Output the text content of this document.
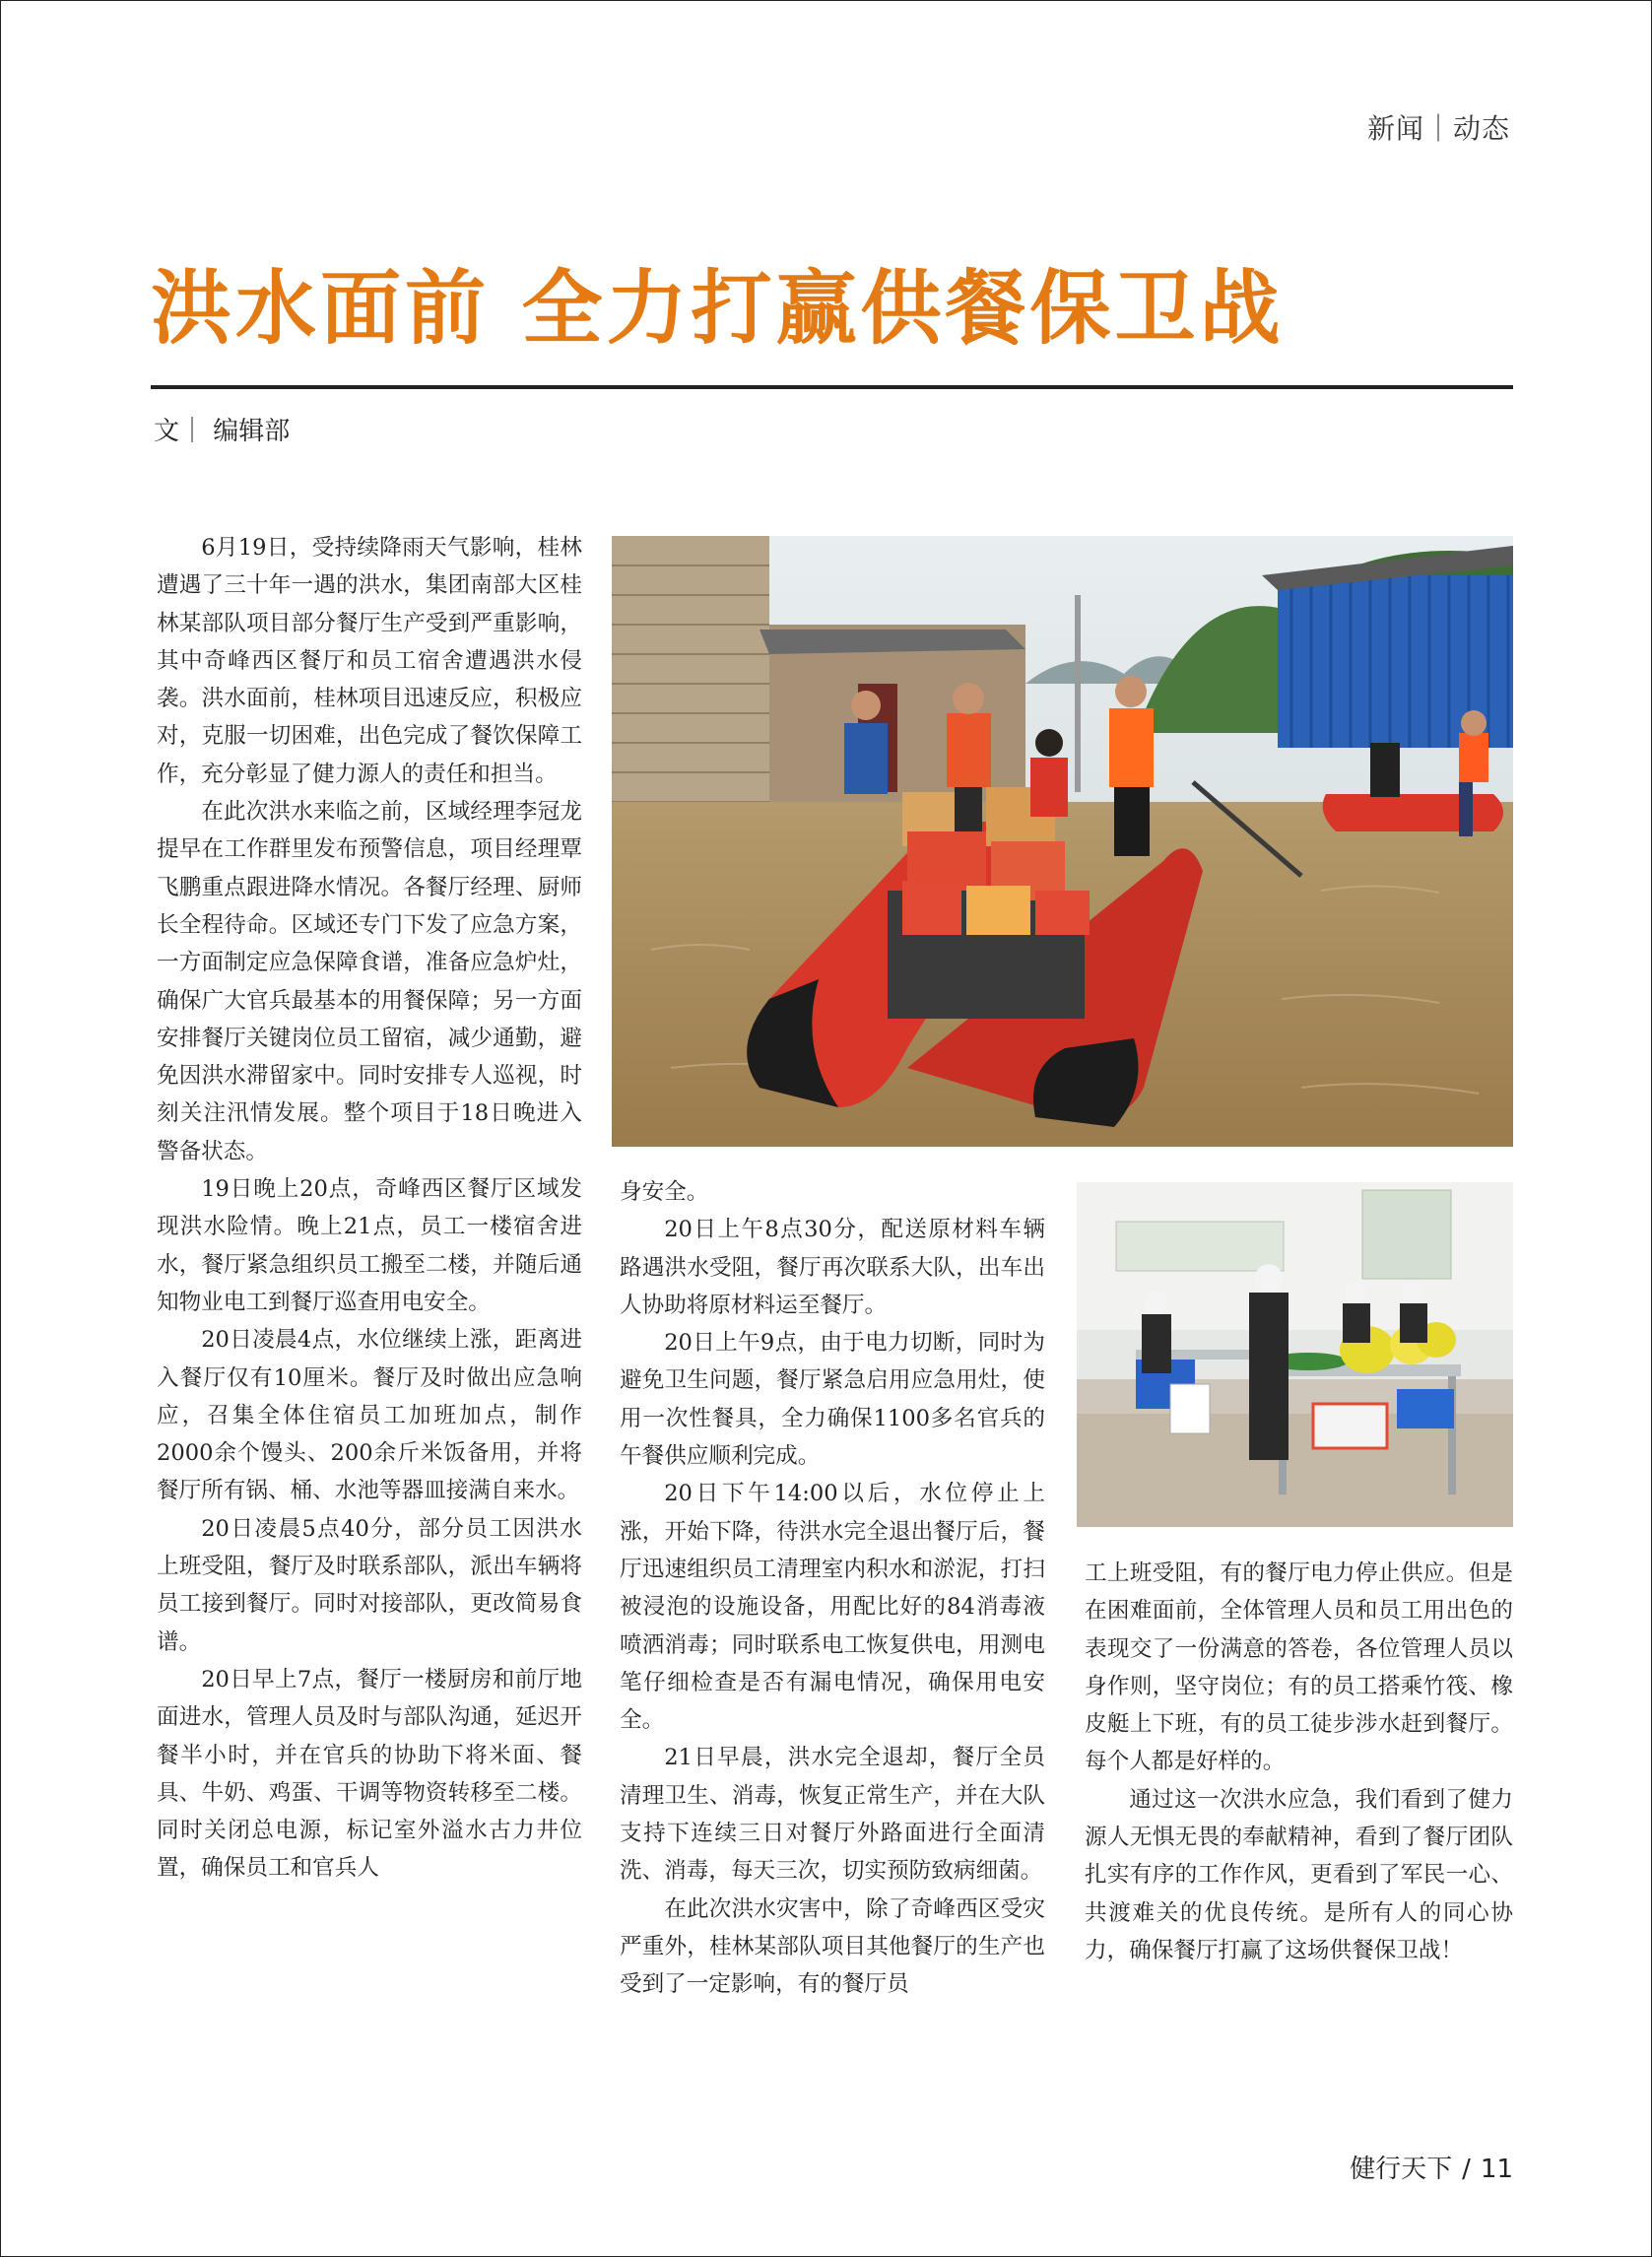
新闻｜动态
洪水面前 全力打赢供餐保卫战
文｜ 编辑部

6月19日，受持续降雨天气影响，桂林遭遇了三十年一遇的洪水，集团南部大区桂林某部队项目部分餐厅生产受到严重影响，其中奇峰西区餐厅和员工宿舍遭遇洪水侵袭。洪水面前，桂林项目迅速反应，积极应对，克服一切困难，出色完成了餐饮保障工作，充分彰显了健力源人的责任和担当。

在此次洪水来临之前，区域经理李冠龙提早在工作群里发布预警信息，项目经理覃飞鹏重点跟进降水情况。各餐厅经理、厨师长全程待命。区域还专门下发了应急方案，一方面制定应急保障食谱，准备应急炉灶，确保广大官兵最基本的用餐保障；另一方面安排餐厅关键岗位员工留宿，减少通勤，避免因洪水滞留家中。同时安排专人巡视，时刻关注汛情发展。整个项目于18日晚进入警备状态。

19日晚上20点，奇峰西区餐厅区域发现洪水险情。晚上21点，员工一楼宿舍进水，餐厅紧急组织员工搬至二楼，并随后通知物业电工到餐厅巡查用电安全。

20日凌晨4点，水位继续上涨，距离进入餐厅仅有10厘米。餐厅及时做出应急响应，召集全体住宿员工加班加点，制作2000余个馒头、200余斤米饭备用，并将餐厅所有锅、桶、水池等器皿接满自来水。

20日凌晨5点40分，部分员工因洪水上班受阻，餐厅及时联系部队，派出车辆将员工接到餐厅。同时对接部队，更改简易食谱。

20日早上7点，餐厅一楼厨房和前厅地面进水，管理人员及时与部队沟通，延迟开餐半小时，并在官兵的协助下将米面、餐具、牛奶、鸡蛋、干调等物资转移至二楼。同时关闭总电源，标记室外溢水古力井位置，确保员工和官兵人

身安全。

20日上午8点30分，配送原材料车辆路遇洪水受阻，餐厅再次联系大队，出车出人协助将原材料运至餐厅。

20日上午9点，由于电力切断，同时为避免卫生问题，餐厅紧急启用应急用灶，使用一次性餐具，全力确保1100多名官兵的午餐供应顺利完成。

20日下午14:00以后，水位停止上涨，开始下降，待洪水完全退出餐厅后，餐厅迅速组织员工清理室内积水和淤泥，打扫被浸泡的设施设备，用配比好的84消毒液喷洒消毒；同时联系电工恢复供电，用测电笔仔细检查是否有漏电情况，确保用电安全。

21日早晨，洪水完全退却，餐厅全员清理卫生、消毒，恢复正常生产，并在大队支持下连续三日对餐厅外路面进行全面清洗、消毒，每天三次，切实预防致病细菌。

在此次洪水灾害中，除了奇峰西区受灾严重外，桂林某部队项目其他餐厅的生产也受到了一定影响，有的餐厅员

工上班受阻，有的餐厅电力停止供应。但是在困难面前，全体管理人员和员工用出色的表现交了一份满意的答卷，各位管理人员以身作则，坚守岗位；有的员工搭乘竹筏、橡皮艇上下班，有的员工徒步涉水赶到餐厅。每个人都是好样的。

通过这一次洪水应急，我们看到了健力源人无惧无畏的奉献精神，看到了餐厅团队扎实有序的工作作风，更看到了军民一心、共渡难关的优良传统。是所有人的同心协力，确保餐厅打赢了这场供餐保卫战！

健行天下 / 11
